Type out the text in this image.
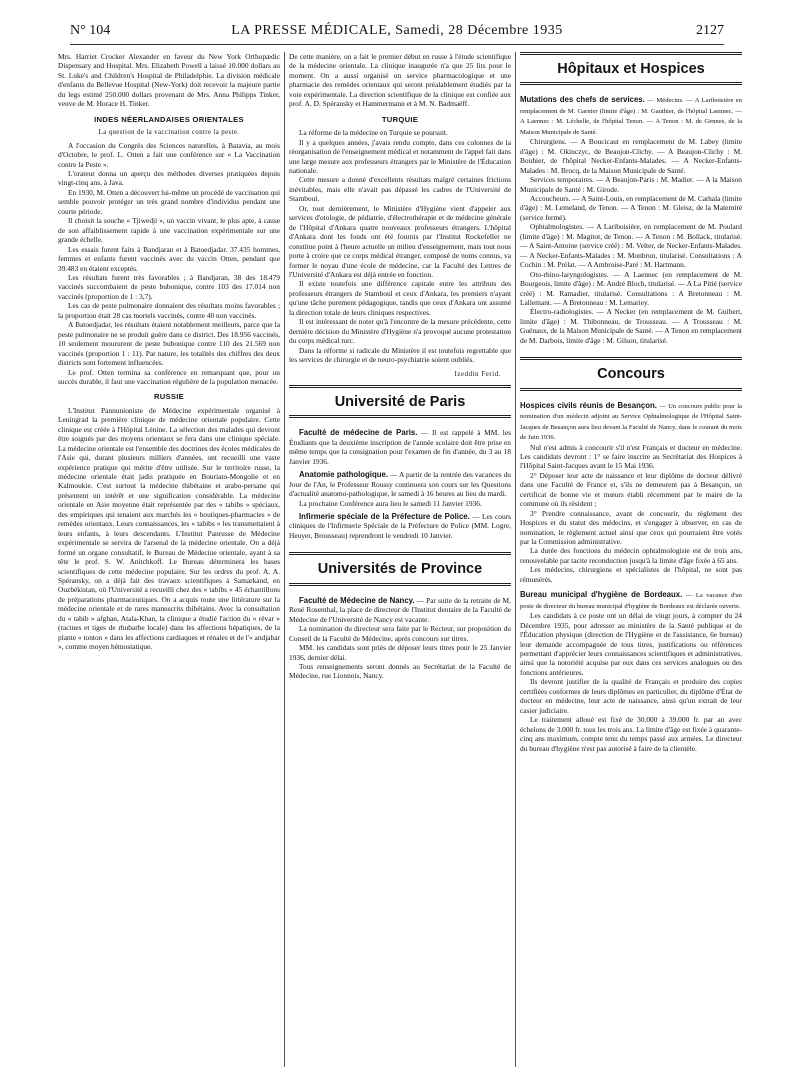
N° 104	LA PRESSE MÉDICALE, Samedi, 28 Décembre 1935	2127

Mrs. Harriet Crocker Alexander en faveur du New York Orthopædic Dispensary and Hospital. Mrs. Elizabeth Powell a laissé 10.000 dollars au St. Luke's and Children's Hospital de Philadelphie. La division médicale d'enfants du Bellevue Hospital (New-York) doit recevoir la majeure partie du legs estimé 250.000 dollars provenant de Mrs. Anna Philipps Tinker, veuve de M. Horace H. Tinker.

INDES NÉERLANDAISES ORIENTALES
La question de la vaccination contre la peste.

A l'occasion du Congrès des Sciences naturelles, à Batavia, au mois d'Octobre, le prof. L. Otten a fait une conférence sur « La Vaccination contre la Peste ».

L'orateur donna un aperçu des méthodes diverses pratiquées depuis vingt-cinq ans, à Java.

En 1930, M. Otten a découvert lui-même un procédé de vaccination qui semble pouvoir protéger un très grand nombre d'individus pendant une courte période.

Il choisit la souche « Tjiwedji », un vaccin vivant, le plus apte, à cause de son affaiblissement rapide à une vaccination expérimentale sur une grande échelle.

Les essais furent faits à Bandjaran et à Batoedjadar. 37.435 hommes, femmes et enfants furent vaccinés avec du vaccin Otten, pendant que 39.483 en étaient exceptés.

Les résultats furent très favorables ; à Bandjaran, 38 des 18.479 vaccinés succombaient de peste bubonique, contre 103 des 17.014 non vaccinés (proportion de 1 : 3,7).

Les cas de peste pulmonaire donnaient des résultats moins favorables ; la proportion était 28 cas mortels vaccinés, contre 40 non vaccinés.

A Batoedjadar, les résultats étaient notablement meilleurs, parce que la peste pulmonaire ne se produit guère dans ce district. Des 18.956 vaccinés, 10 seulement moururent de peste bubonique contre 110 des 21.569 non vaccinés (proportion 1 : 11). Par nature, les totalités des chiffres des deux districts sont fortement influencées.

Le prof. Otten termina sa conférence en remarquant que, pour un succès durable, il faut une vaccination régulière de la population menacée.

RUSSIE

L'Institut Pannunioniste de Médecine expérimentale organisé à Leningrad la première clinique de médecine orientale populaire. Cette clinique est créée à l'Hôpital Lénine. La sélection des malades qui devront être soignés par des moyens orientaux se fera dans une clinique spéciale. La médecine orientale est l'ensemble des doctrines des écoles médicales de l'Asie qui, durant plusieurs milliers d'années, ont recueilli une vaste expérience pratique qui mérite d'être utilisée. Sur le territoire russe, la médecine orientale était jadis pratiquée en Bouriato-Mongolie et en Kalmoukie. C'est surtout la médecine thibétaine et arabo-persane qui présentent un intérêt et une signification considérable. La médecine orientale en Asie moyenne était représentée par des « tabibs » spéciaux, des empiriques qui tenaient aux marchés les « boutiques-pharmacies » de remèdes orientaux. Leurs connaissances, les « tabibs » les transmettaient à leurs enfants, à leurs descendants. L'Institut Panrusse de Médecine expérimentale se servira de l'arsenal de la médecine orientale. On a déjà formé un organe consultatif, le Bureau de Médecine orientale, ayant à sa tête le prof. S. W. Anitchkoff. Le Bureau déterminera les bases scientifiques de cette médecine populaire. Sur les ordres du prof. A. A. Spéransky, on a déjà fait des travaux scientifiques à Samarkand, en Ouzbékistan, où l'Université a recueilli chez des « tabibs » 45 échantillons de préparations pharmaceutiques. On a acquis toute une littérature sur la médecine orientale et de rares manuscrits thibétains. Avec la consultation du « tabib » afghan, Atala-Khan, la clinique a étudié l'action du « révar » (racines et tiges de rhubarbe locale) dans les affections hépatiques, de la plante « tonton » dans les affections cardiaques et rénales et de l'« andjabar », comme moyen hémostatique.

De cette manière, on a fait le premier début en russe à l'étude scientifique de la médecine orientale. La clinique inaugurée n'a que 25 lits pour le moment. On a aussi organisé un service pharmacologique et une pharmacie des remèdes orientaux qui seront préalablement étudiés par la voie expérimentale. La direction scientifique de la clinique est confiée aux prof. A. D. Spéransky et Hammermann et à M. N. Badmaëff.

TURQUIE

La réforme de la médecine en Turquie se poursuit.

Il y a quelques années, j'avais rendu compte, dans ces colonnes de la réorganisation de l'enseignement médical et notamment de l'appel fait dans une large mesure aux professeurs étrangers par le Ministère de l'Éducation nationale.

Cette mesure a donné d'excellents résultats malgré certaines frictions inévitables, mais elle n'avait pas dépassé les cadres de l'Université de Stamboul.

Or, tout dernièrement, le Ministère d'Hygiène vient d'appeler aux services d'otologie, de pédiatrie, d'électrothérapie et de médecine générale de l'Hôpital d'Ankara quatre nouveaux professeurs étrangers. L'hôpital d'Ankara dont les fonds ont été fournis par l'Institut Rockefeller ne constitue point à l'heure actuelle un milieu d'enseignement, mais tout nous porte à croire que ce corps médical étranger, composé de noms connus, va former le noyau d'une école de médecine, car la Faculté des Lettres de l'Université d'Ankara est déjà entrée en fonction.

Il existe toutefois une différence capitale entre les attributs des professeurs étrangers de Stamboul et ceux d'Ankara, les premiers n'ayant qu'une tâche purement pédagogique, tandis que ceux d'Ankara ont assumé la direction totale de leurs cliniques respectives.

Il est intéressant de noter qu'à l'encontre de la mesure précédente, cette dernière décision du Ministère d'Hygiène n'a provoqué aucune protestation du corps médical turc.

Dans la réforme si radicale du Ministère il est toutefois regrettable que les services de chirurgie et de neuro-psychiatrie soient oubliés.

Izeddin Ferid.
Université de Paris

Faculté de médecine de Paris. — Il est rappelé à MM. les Étudiants que la deuxième inscription de l'année scolaire doit être prise en même temps que la consignation pour l'examen de fin d'année, du 3 au 18 Janvier 1936.

Anatomie pathologique. — A partir de la rentrée des vacances du Jour de l'An, le Professeur Roussy continuera son cours sur les Questions d'actualité anatomo-pathologique, le samedi à 16 heures au lieu du mardi.

La prochaine Conférence aura lieu le samedi 11 Janvier 1936.

Infirmerie spéciale de la Préfecture de Police. — Les cours cliniques de l'Infirmerie Spéciale de la Préfecture de Police (MM. Logre, Heuyer, Brousseau) reprendront le vendredi 10 Janvier.

Universités de Province

Faculté de Médecine de Nancy. — Par suite de la retraite de M. René Rosenthal, la place de directeur de l'Institut dentaire de la Faculté de Médecine de l'Université de Nancy est vacante.

La nomination du directeur sera faite par le Recteur, sur proposition du Conseil de la Faculté de Médecine, après concours sur titres.

MM. les candidats sont priés de déposer leurs titres pour le 25 Janvier 1936, dernier délai.

Tous renseignements seront donnés au Secrétariat de la Faculté de Médecine, rue Lionnois, Nancy.

Hôpitaux et Hospices
Mutations des chefs de services. — Médecins. — A Lariboisière en remplacement de M. Garnier (limite d'âge) : M. Gauthier, de l'hôpital Laennec. — A Laennec : M. Léchelle, de l'hôpital Tenon. — A Tenon : M. de Gennes, de la Maison Municipale de Santé.

Chirurgiens. — A Boucicaut en remplacement de M. Labey (limite d'âge) : M. Okinczyc, de Beaujon-Clichy. — A Beaujon-Clichy : M. Bouhier, de l'hôpital Necker-Enfants-Malades. — A Necker-Enfants-Malades : M. Brocq, de la Maison Municipale de Santé.

Services temporaires. — A Beaujon-Paris : M. Madier. — A la Maison Municipale de Santé : M. Girode.

Accoucheurs. — A Saint-Louis, en remplacement de M. Cathala (limite d'âge) : M. Lemeland, de Tenon. — A Tenon : M. Gleisz, de la Maternité (service fermé).

Ophtalmologistes. — A Lariboisière, en remplacement de M. Poulard (limite d'âge) : M. Magitot, de Tenon. — A Tenon : M. Bollack, titularisé. — A Saint-Antoine (service créé) : M. Velter, de Necker-Enfants-Malades. — A Necker-Enfants-Malades : M. Monbrun, titularisé. Consultations : A Cochin : M. Prélat. — A Ambroise-Paré : M. Hartmann.

Oto-rhino-laryngologistes. — A Laennec (en remplacement de M. Bourgeois, limite d'âge) : M. André Bloch, titularisé. — A La Pitié (service créé) : M. Ramadier, titularisé. Consultations : A Bretonneau : M. Lallemant. — A Bretonneau : M. Lemariey.

Électro-radiologistes. — A Necker (en remplacement de M. Guibert, limite d'âge) : M. Thibonneau, de Trousseau. — A Trousseau : M. Guénaux, de la Maison Municipale de Santé. — A Tenon en remplacement de M. Darbois, limite d'âge : M. Gilson, titularisé.

Concours
Hospices civils réunis de Besançon. — Un concours public pour la nomination d'un médecin adjoint au Service Ophtalmologique de l'Hôpital Saint-Jacques de Besançon aura lieu devant la Faculté de Nancy, dans le courant du mois de Juin 1936.

Nul n'est admis à concourir s'il n'est Français et docteur en médecine. Les candidats devront : 1° se faire inscrire au Secrétariat des Hospices à l'Hôpital Saint-Jacques avant le 15 Mai 1936.

2° Déposer leur acte de naissance et leur diplôme de docteur délivré dans une Faculté de France et, s'ils ne demeurent pas à Besançon, un certificat de bonne vie et mœurs établi récemment par le maire de la commune où ils résident ;

3° Prendre connaissance, avant de concourir, du règlement des Hospices et du statut des médecins, et s'engager à observer, en cas de nomination, le règlement actuel ainsi que ceux qui pourraient être votés par la Commission administrative.

La durée des fonctions du médecin ophtalmologiste est de trois ans, renouvelable par tacite reconduction jusqu'à la limite d'âge fixée à 65 ans.

Les médecins, chirurgiens et spécialistes de l'hôpital, ne sont pas rémunérés.

Bureau municipal d'hygiène de Bordeaux. — La vacance d'un poste de directeur du bureau municipal d'hygiène de Bordeaux est déclarée ouverte.

Les candidats à ce poste ont un délai de vingt jours, à compter du 24 Décembre 1935, pour adresser au ministère de la Santé publique et de l'Éducation physique (direction de l'Hygiène et de l'assistance, 6e bureau) leur demande accompagnée de tous titres, justifications ou références permettant d'apprécier leurs connaissances scientifiques et administratives, ainsi que la notoriété acquise par eux dans ces services analogues ou des fonctions antérieures.

Ils devront justifier de la qualité de Français et produire des copies certifiées conformes de leurs diplômes en particulier, du diplôme d'État de docteur en médecine, leur acte de naissance, ainsi qu'un extrait de leur casier judiciaire.

Le traitement alloué est fixé de 30.000 à 39.000 fr. par an avec échelons de 3.000 fr. tous les trois ans. La limite d'âge est fixée à quarante-cinq ans maximum, compte tenu du temps passé aux armées. Le directeur du bureau d'hygiène n'est pas autorisé à faire de la clientèle.
